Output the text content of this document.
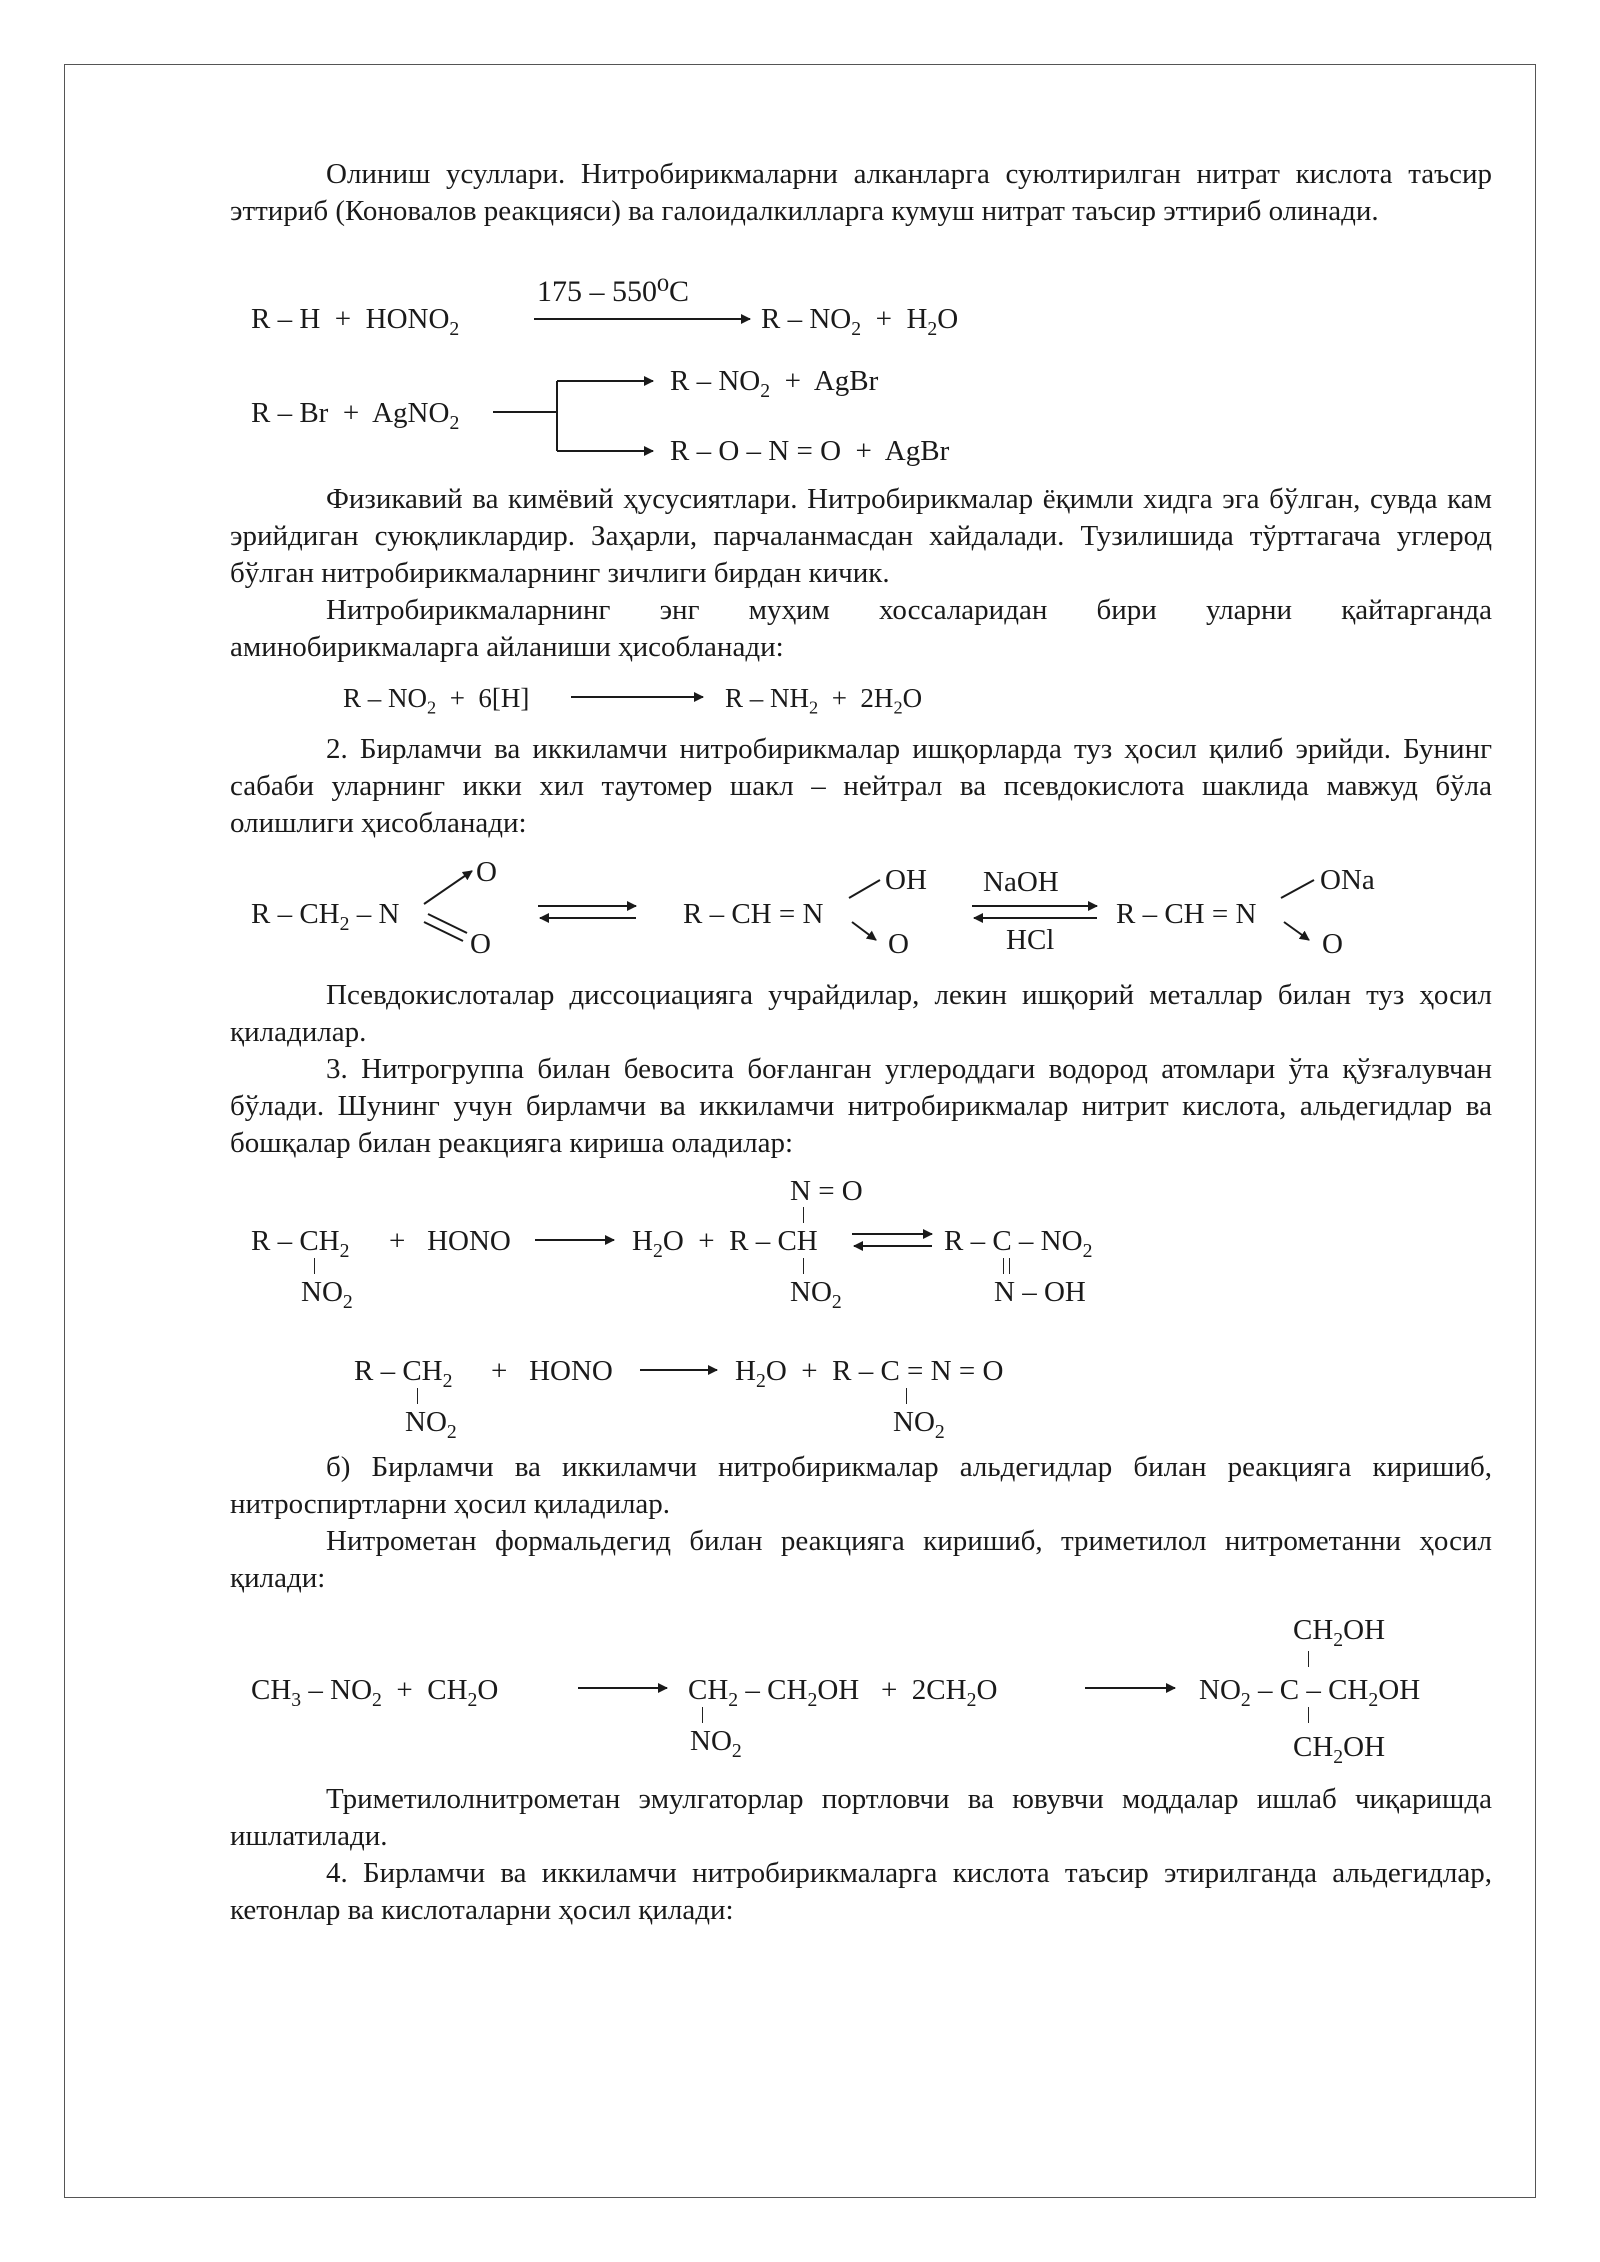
Олиниш усуллари. Нитробирикмаларни алканларга суюлтирилган нитрат кислота таъсир эттириб (Коновалов реакцияси) ва галоидалкилларга кумуш нитрат таъсир эттириб олинади.

$R - H + HONO_2$
175 – 550⁰C
$R - NO_2 + H_2O$
R – Br  +  AgNO$_2$
R – $NO_2$  +  AgBr
R – O – N = O  +  AgBr

Физикавий ва кимёвий ҳусусиятлари. Нитробирикмалар ёқимли хидга эга бўлган, сувда кам эрийдиган суюқликлардир. Заҳарли, парчаланмасдан хайдалади. Тузилишида тўрттагача углерод бўлган нитробирикмаларнинг зичлиги бирдан кичик.

Нитробирикмаларнинг энг муҳим хоссаларидан бири уларни қайтарганда аминобирикмаларга айланиши ҳисобланади:

$R - NO_2 + 6[H]$	$R - NH_2 + 2H_2O$

2. Бирламчи ва иккиламчи нитробирикмалар ишқорларда туз ҳосил қилиб эрийди. Бунинг сабаби уларнинг икки хил таутомер шакл – нейтрал ва псевдокислота шаклида мавжуд бўла олишлиги ҳисобланади:

R – $CH_2$ – N
O
O
R – CH = N
OH
O
NaOH
HCl
R – CH = N
ONa
O

Псевдокислоталар диссоциацияга учрайдилар, лекин ишқорий металлар билан туз ҳосил қиладилар.

3. Нитрогруппа билан бевосита боғланган углероддаги водород атомлари ўта қўзғалувчан бўлади. Шунинг учун бирламчи ва иккиламчи нитробирикмалар нитрит кислота, альдегидлар ва бошқалар билан реакцияга кириша оладилар:

R – $CH_2$
$NO_2$
+   HONO	$H_2O + R$ – CH
N = O
$NO_2$
R – C – $NO_2$
N – OH
R – $CH_2$
$NO_2$
+   HONO	$H_2O + R - C = N = O$
$NO_2$

б) Бирламчи ва иккиламчи нитробирикмалар альдегидлар билан реакцияга киришиб, нитроспиртларни ҳосил қиладилар.

Нитрометан формальдегид билан реакцияга киришиб, триметилол нитрометанни ҳосил қилади:

$CH_3 - NO_2 + CH_2O$	$CH_2 - CH_2OH + 2CH_2O$
$NO_2$
$CH_2OH$
$NO_2$ – C – $CH_2OH$
$CH_2OH$

Триметилолнитрометан эмулгаторлар портловчи ва ювувчи моддалар ишлаб чиқаришда ишлатилади.

4. Бирламчи ва иккиламчи нитробирикмаларга кислота таъсир этирилганда альдегидлар, кетонлар ва кислоталарни ҳосил қилади:
